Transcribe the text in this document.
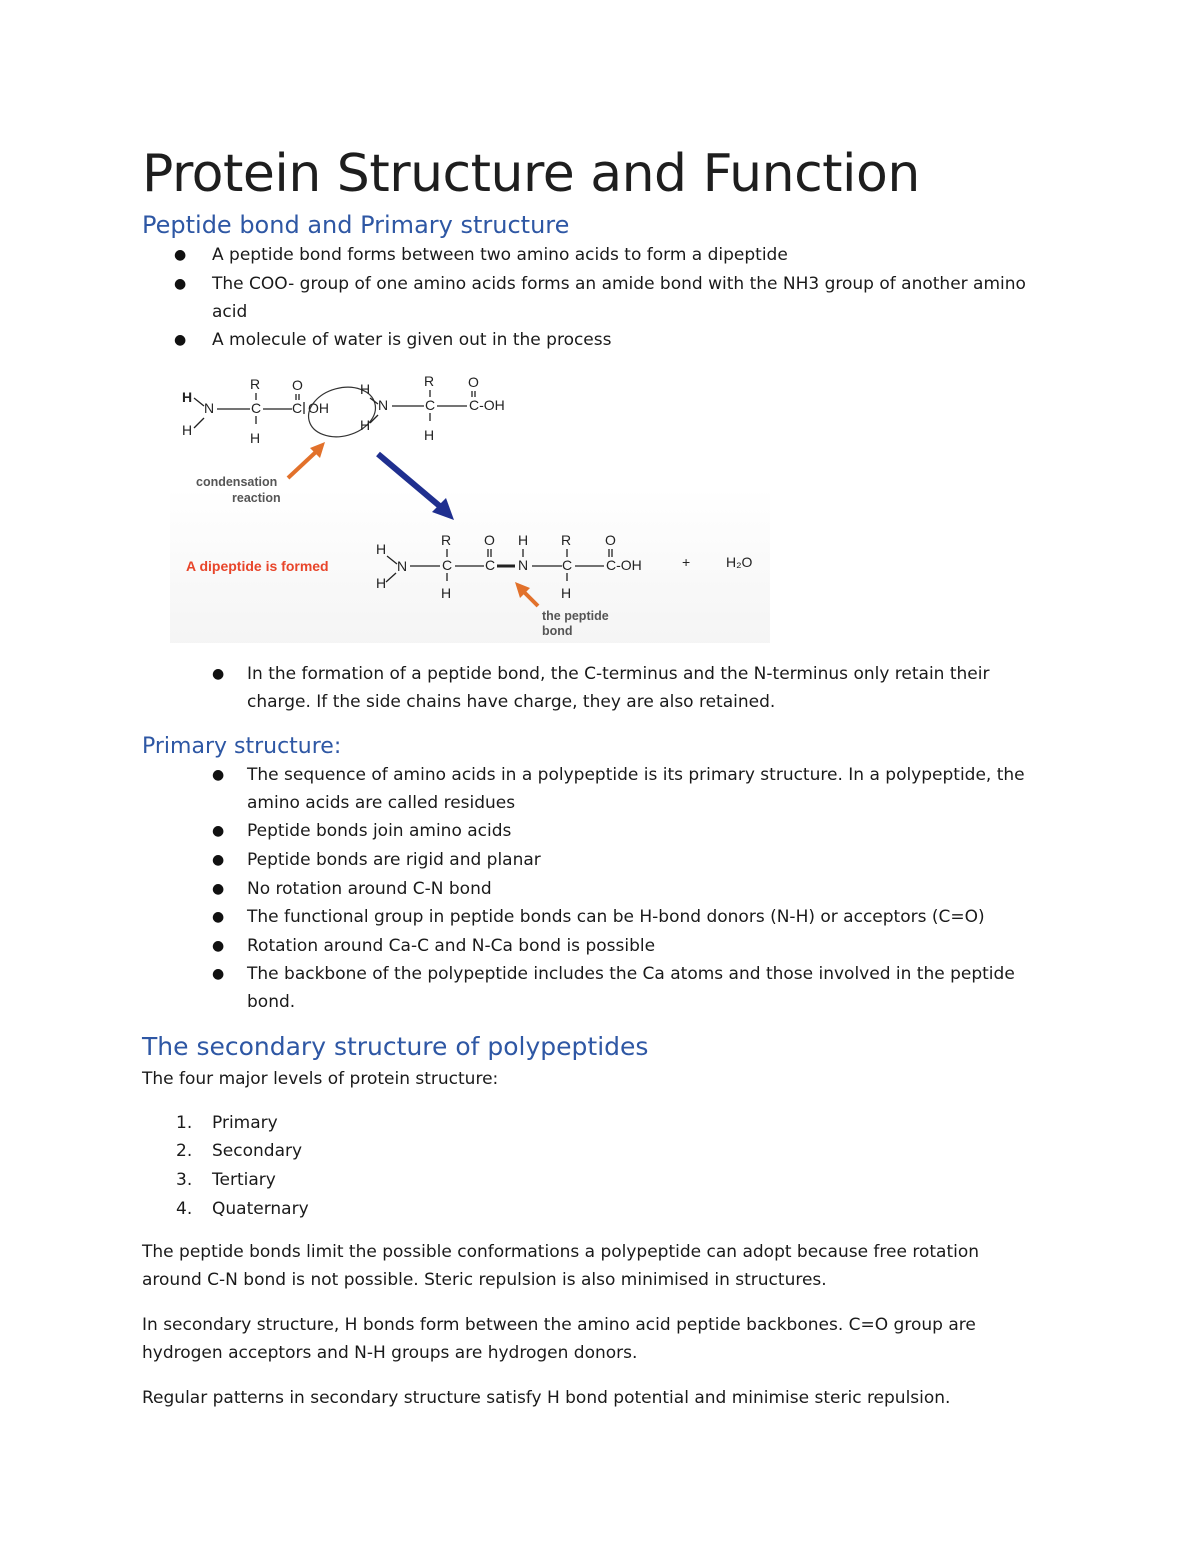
Protein Structure and Function
Peptide bond and Primary structure
● A peptide bond forms between two amino acids to form a dipeptide
● The COO- group of one amino acids forms an amide bond with the NH3 group of another amino
acid
● A molecule of water is given out in the process
H
N
H
R
C
H
O
C OH
H
N
H
R
C
H
O
C-OH
condensation
reaction
A dipeptide is formed
H
N
H
R
C
H
O
C N
H R
C
H
O
C-OH	+	H₂O
the peptide
bond
● In the formation of a peptide bond, the C-terminus and the N-terminus only retain their
charge. If the side chains have charge, they are also retained.
Primary structure:
● The sequence of amino acids in a polypeptide is its primary structure. In a polypeptide, the
amino acids are called residues
● Peptide bonds join amino acids
● Peptide bonds are rigid and planar
● No rotation around C-N bond
● The functional group in peptide bonds can be H-bond donors (N-H) or acceptors (C=O)
● Rotation around Ca-C and N-Ca bond is possible
● The backbone of the polypeptide includes the Ca atoms and those involved in the peptide
bond.
The secondary structure of polypeptides
The four major levels of protein structure:
1. Primary
2. Secondary
3. Tertiary
4. Quaternary
The peptide bonds limit the possible conformations a polypeptide can adopt because free rotation
around C-N bond is not possible. Steric repulsion is also minimised in structures.
In secondary structure, H bonds form between the amino acid peptide backbones. C=O group are
hydrogen acceptors and N-H groups are hydrogen donors.
Regular patterns in secondary structure satisfy H bond potential and minimise steric repulsion.
